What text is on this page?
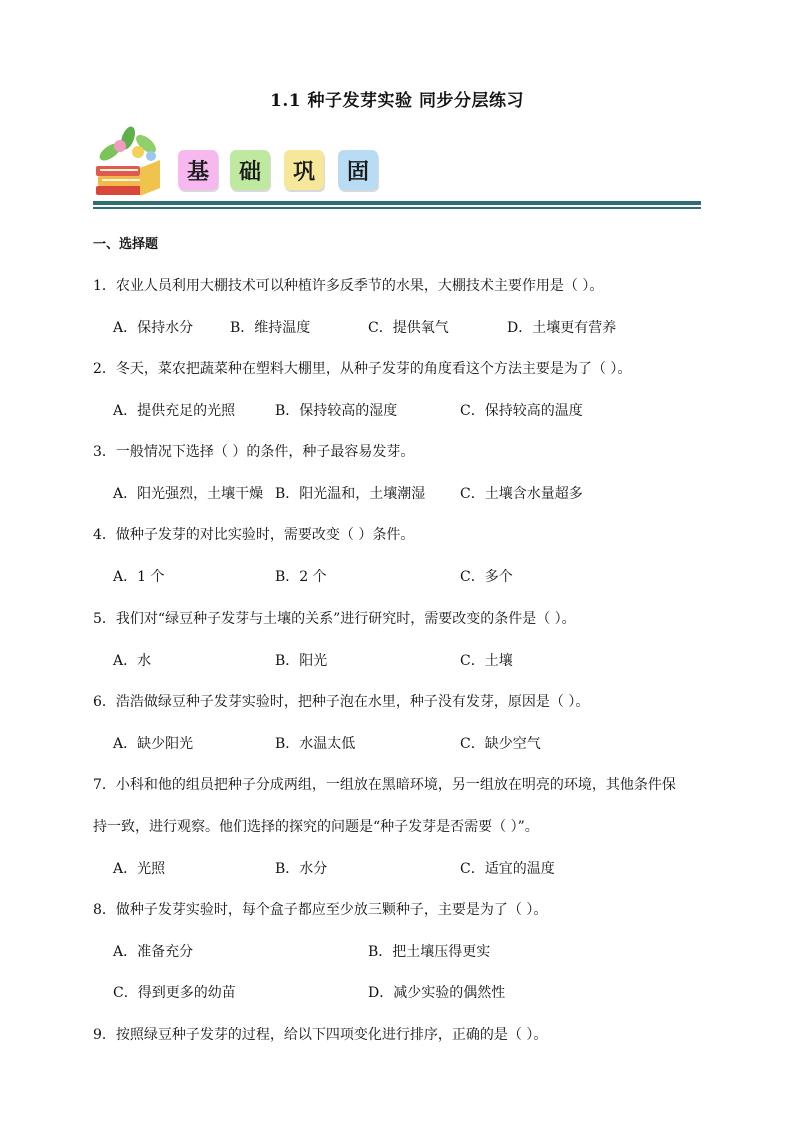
1.1 种子发芽实验 同步分层练习
基	础	巩	固
一、选择题
1．农业人员利用大棚技术可以种植许多反季节的水果，大棚技术主要作用是（ ）。
A．保持水分	B．维持温度	C．提供氧气	D．土壤更有营养
2．冬天，菜农把蔬菜种在塑料大棚里，从种子发芽的角度看这个方法主要是为了（ ）。
A．提供充足的光照	B．保持较高的湿度	C．保持较高的温度
3．一般情况下选择（ ）的条件，种子最容易发芽。
A．阳光强烈，土壤干燥 B．阳光温和，土壤潮湿 C．土壤含水量超多
4．做种子发芽的对比实验时，需要改变（ ）条件。
A．1 个	B．2 个	C．多个
5．我们对“绿豆种子发芽与土壤的关系”进行研究时，需要改变的条件是（ ）。
A．水	B．阳光	C．土壤
6．浩浩做绿豆种子发芽实验时，把种子泡在水里，种子没有发芽，原因是（ ）。
A．缺少阳光	B．水温太低	C．缺少空气
7．小科和他的组员把种子分成两组，一组放在黑暗环境，另一组放在明亮的环境，其他条件保
持一致，进行观察。他们选择的探究的问题是“种子发芽是否需要（ ）”。
A．光照	B．水分	C．适宜的温度
8．做种子发芽实验时，每个盒子都应至少放三颗种子，主要是为了（ ）。
A．准备充分	B．把土壤压得更实
C．得到更多的幼苗	D．减少实验的偶然性
9．按照绿豆种子发芽的过程，给以下四项变化进行排序，正确的是（ ）。
